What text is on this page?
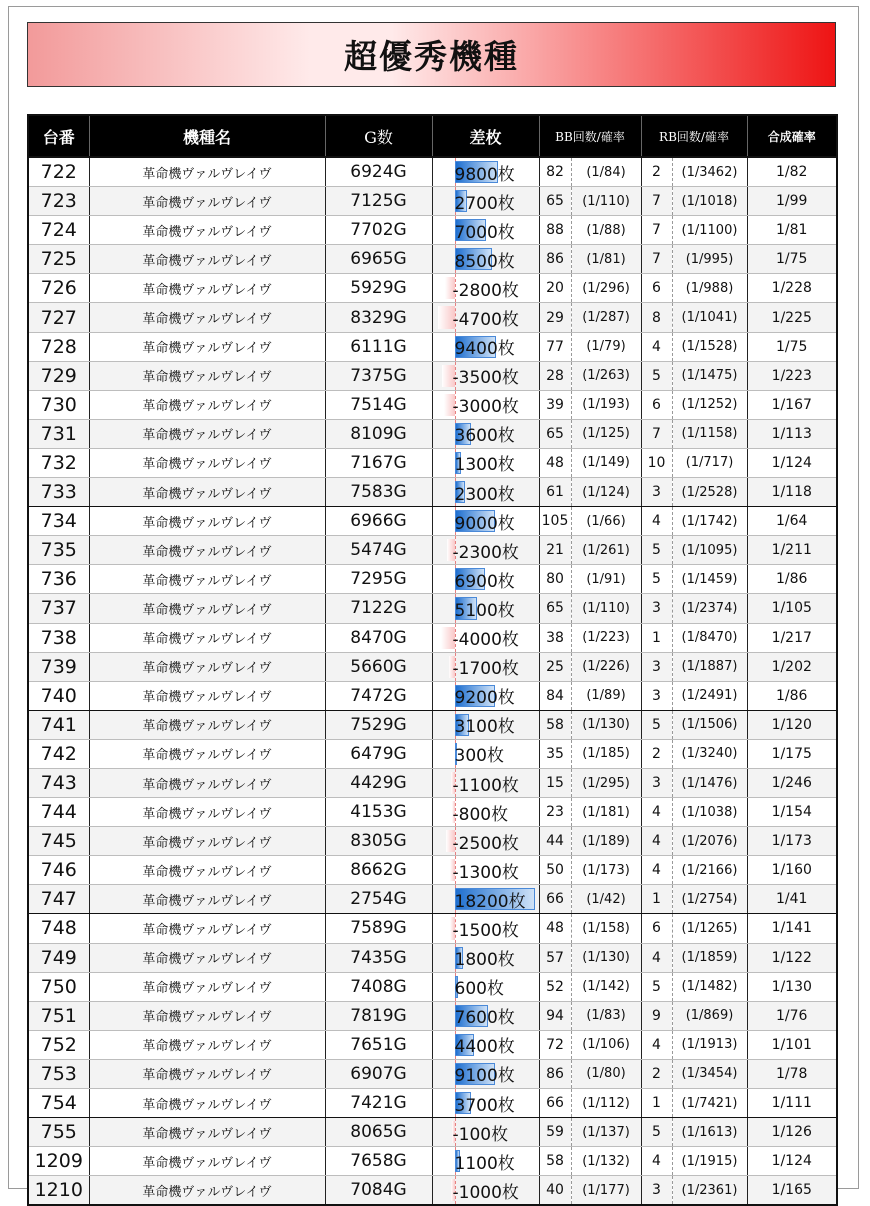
超優秀機種
台番	機種名	G数	差枚	BB回数/確率		RB回数/確率		合成確率
722	革命機ヴァルヴレイヴ	6924G	9800枚	82	(1/84)	2	(1/3462)	1/82
723	革命機ヴァルヴレイヴ	7125G	2700枚	65	(1/110)	7	(1/1018)	1/99
724	革命機ヴァルヴレイヴ	7702G	7000枚	88	(1/88)	7	(1/1100)	1/81
725	革命機ヴァルヴレイヴ	6965G	8500枚	86	(1/81)	7	(1/995)	1/75
726	革命機ヴァルヴレイヴ	5929G	-2800枚	20	(1/296)	6	(1/988)	1/228
727	革命機ヴァルヴレイヴ	8329G	-4700枚	29	(1/287)	8	(1/1041)	1/225
728	革命機ヴァルヴレイヴ	6111G	9400枚	77	(1/79)	4	(1/1528)	1/75
729	革命機ヴァルヴレイヴ	7375G	-3500枚	28	(1/263)	5	(1/1475)	1/223
730	革命機ヴァルヴレイヴ	7514G	-3000枚	39	(1/193)	6	(1/1252)	1/167
731	革命機ヴァルヴレイヴ	8109G	3600枚	65	(1/125)	7	(1/1158)	1/113
732	革命機ヴァルヴレイヴ	7167G	1300枚	48	(1/149)	10	(1/717)	1/124
733	革命機ヴァルヴレイヴ	7583G	2300枚	61	(1/124)	3	(1/2528)	1/118
734	革命機ヴァルヴレイヴ	6966G	9000枚	105	(1/66)	4	(1/1742)	1/64
735	革命機ヴァルヴレイヴ	5474G	-2300枚	21	(1/261)	5	(1/1095)	1/211
736	革命機ヴァルヴレイヴ	7295G	6900枚	80	(1/91)	5	(1/1459)	1/86
737	革命機ヴァルヴレイヴ	7122G	5100枚	65	(1/110)	3	(1/2374)	1/105
738	革命機ヴァルヴレイヴ	8470G	-4000枚	38	(1/223)	1	(1/8470)	1/217
739	革命機ヴァルヴレイヴ	5660G	-1700枚	25	(1/226)	3	(1/1887)	1/202
740	革命機ヴァルヴレイヴ	7472G	9200枚	84	(1/89)	3	(1/2491)	1/86
741	革命機ヴァルヴレイヴ	7529G	3100枚	58	(1/130)	5	(1/1506)	1/120
742	革命機ヴァルヴレイヴ	6479G	300枚	35	(1/185)	2	(1/3240)	1/175
743	革命機ヴァルヴレイヴ	4429G	-1100枚	15	(1/295)	3	(1/1476)	1/246
744	革命機ヴァルヴレイヴ	4153G	-800枚	23	(1/181)	4	(1/1038)	1/154
745	革命機ヴァルヴレイヴ	8305G	-2500枚	44	(1/189)	4	(1/2076)	1/173
746	革命機ヴァルヴレイヴ	8662G	-1300枚	50	(1/173)	4	(1/2166)	1/160
747	革命機ヴァルヴレイヴ	2754G	18200枚	66	(1/42)	1	(1/2754)	1/41
748	革命機ヴァルヴレイヴ	7589G	-1500枚	48	(1/158)	6	(1/1265)	1/141
749	革命機ヴァルヴレイヴ	7435G	1800枚	57	(1/130)	4	(1/1859)	1/122
750	革命機ヴァルヴレイヴ	7408G	600枚	52	(1/142)	5	(1/1482)	1/130
751	革命機ヴァルヴレイヴ	7819G	7600枚	94	(1/83)	9	(1/869)	1/76
752	革命機ヴァルヴレイヴ	7651G	4400枚	72	(1/106)	4	(1/1913)	1/101
753	革命機ヴァルヴレイヴ	6907G	9100枚	86	(1/80)	2	(1/3454)	1/78
754	革命機ヴァルヴレイヴ	7421G	3700枚	66	(1/112)	1	(1/7421)	1/111
755	革命機ヴァルヴレイヴ	8065G	-100枚	59	(1/137)	5	(1/1613)	1/126
1209	革命機ヴァルヴレイヴ	7658G	1100枚	58	(1/132)	4	(1/1915)	1/124
1210	革命機ヴァルヴレイヴ	7084G	-1000枚	40	(1/177)	3	(1/2361)	1/165
